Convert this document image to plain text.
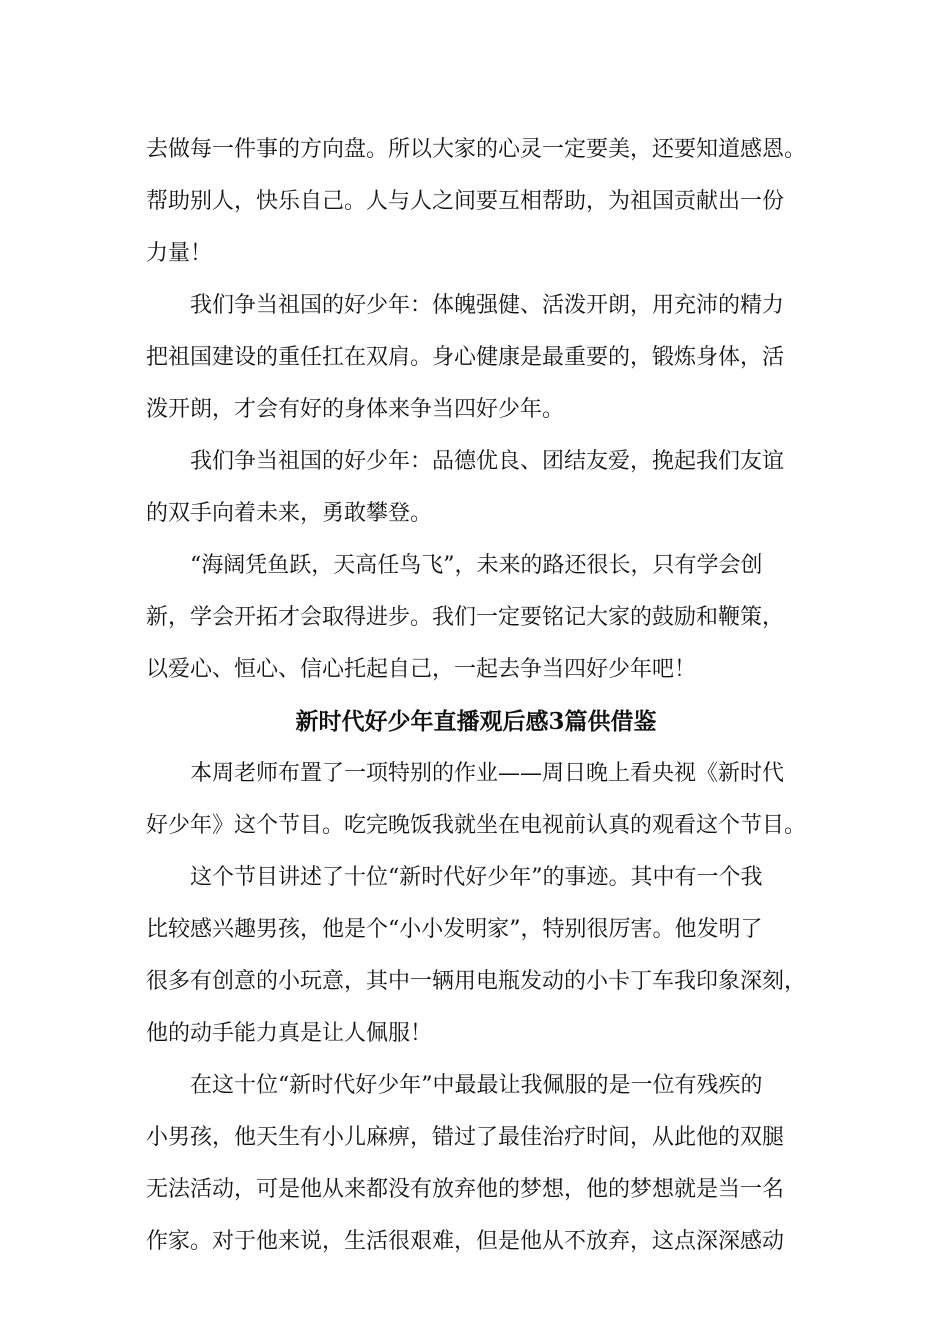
去做每一件事的方向盘。所以大家的心灵一定要美，还要知道感恩。
帮助别人，快乐自己。人与人之间要互相帮助，为祖国贡献出一份
力量！
我们争当祖国的好少年：体魄强健、活泼开朗，用充沛的精力
把祖国建设的重任扛在双肩。身心健康是最重要的，锻炼身体，活
泼开朗，才会有好的身体来争当四好少年。
我们争当祖国的好少年：品德优良、团结友爱，挽起我们友谊
的双手向着未来，勇敢攀登。
“海阔凭鱼跃，天高任鸟飞”，未来的路还很长，只有学会创
新，学会开拓才会取得进步。我们一定要铭记大家的鼓励和鞭策，
以爱心、恒心、信心托起自己，一起去争当四好少年吧！
新时代好少年直播观后感3篇供借鉴
本周老师布置了一项特别的作业——周日晚上看央视《新时代
好少年》这个节目。吃完晚饭我就坐在电视前认真的观看这个节目。
这个节目讲述了十位“新时代好少年”的事迹。其中有一个我
比较感兴趣男孩，他是个“小小发明家”，特别很厉害。他发明了
很多有创意的小玩意，其中一辆用电瓶发动的小卡丁车我印象深刻，
他的动手能力真是让人佩服！
在这十位“新时代好少年”中最最让我佩服的是一位有残疾的
小男孩，他天生有小儿麻痹，错过了最佳治疗时间，从此他的双腿
无法活动，可是他从来都没有放弃他的梦想，他的梦想就是当一名
作家。对于他来说，生活很艰难，但是他从不放弃，这点深深感动
